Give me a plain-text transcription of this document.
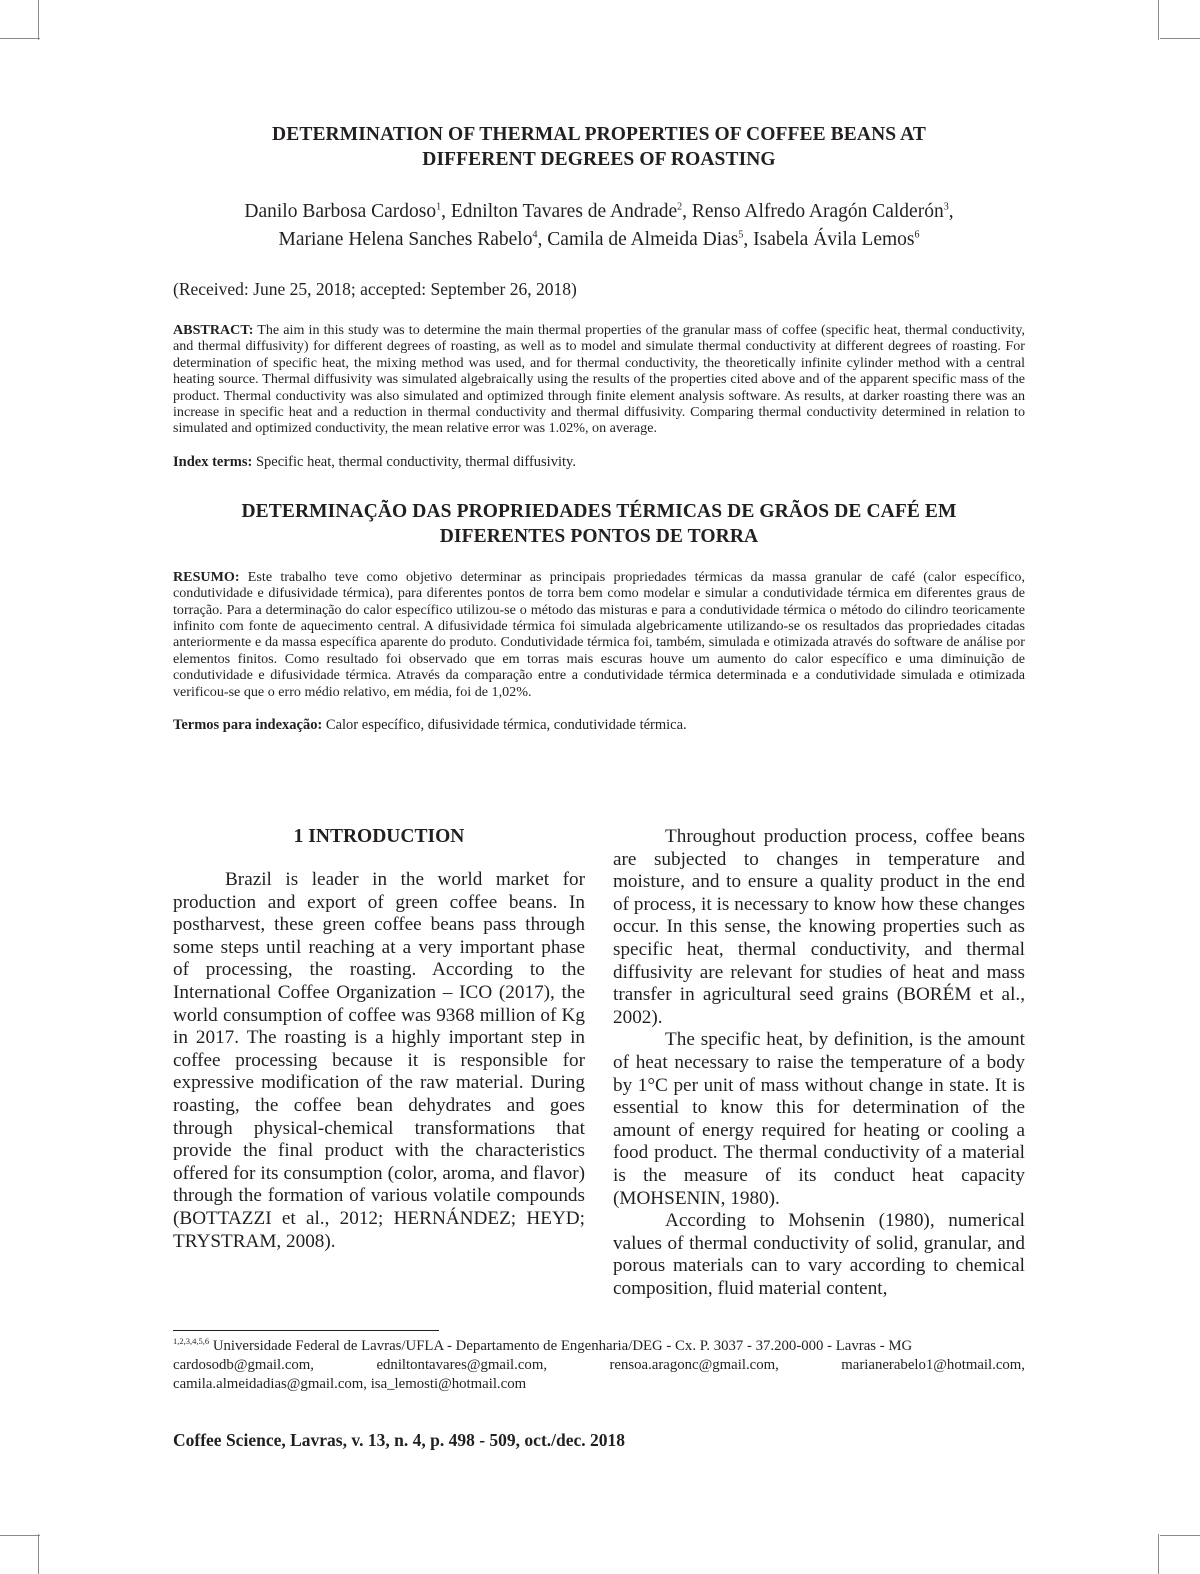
DETERMINATION OF THERMAL PROPERTIES OF COFFEE BEANS AT
DIFFERENT DEGREES OF ROASTING
Danilo Barbosa Cardoso$^1$, Ednilton Tavares de Andrade$^2$, Renso Alfredo Aragón Calderón$^3$,
Mariane Helena Sanches Rabelo$^4$, Camila de Almeida Dias$^5$, Isabela Ávila Lemos$^6$
(Received: June 25, 2018; accepted: September 26, 2018)
ABSTRACT: The aim in this study was to determine the main thermal properties of the granular mass of coffee (specific heat, thermal conductivity, and thermal diffusivity) for different degrees of roasting, as well as to model and simulate thermal conductivity at different degrees of roasting. For determination of specific heat, the mixing method was used, and for thermal conductivity, the theoretically infinite cylinder method with a central heating source. Thermal diffusivity was simulated algebraically using the results of the properties cited above and of the apparent specific mass of the product. Thermal conductivity was also simulated and optimized through finite element analysis software. As results, at darker roasting there was an increase in specific heat and a reduction in thermal conductivity and thermal diffusivity. Comparing thermal conductivity determined in relation to simulated and optimized conductivity, the mean relative error was 1.02%, on average.
Index terms: Specific heat, thermal conductivity, thermal diffusivity.
DETERMINAÇÃO DAS PROPRIEDADES TÉRMICAS DE GRÃOS DE CAFÉ EM
DIFERENTES PONTOS DE TORRA
RESUMO: Este trabalho teve como objetivo determinar as principais propriedades térmicas da massa granular de café (calor específico, condutividade e difusividade térmica), para diferentes pontos de torra bem como modelar e simular a condutividade térmica em diferentes graus de torração. Para a determinação do calor específico utilizou-se o método das misturas e para a condutividade térmica o método do cilindro teoricamente infinito com fonte de aquecimento central. A difusividade térmica foi simulada algebricamente utilizando-se os resultados das propriedades citadas anteriormente e da massa específica aparente do produto. Condutividade térmica foi, também, simulada e otimizada através do software de análise por elementos finitos. Como resultado foi observado que em torras mais escuras houve um aumento do calor específico e uma diminuição de condutividade e difusividade térmica. Através da comparação entre a condutividade térmica determinada e a condutividade simulada e otimizada verificou-se que o erro médio relativo, em média, foi de 1,02%.
Termos para indexação: Calor específico, difusividade térmica, condutividade térmica.
1 INTRODUCTION

Brazil is leader in the world market for production and export of green coffee beans. In postharvest, these green coffee beans pass through some steps until reaching at a very important phase of processing, the roasting. According to the International Coffee Organization – ICO (2017), the world consumption of coffee was 9368 million of Kg in 2017. The roasting is a highly important step in coffee processing because it is responsible for expressive modification of the raw material. During roasting, the coffee bean dehydrates and goes through physical-chemical transformations that provide the final product with the characteristics offered for its consumption (color, aroma, and flavor) through the formation of various volatile compounds (BOTTAZZI et al., 2012; HERNÁNDEZ; HEYD; TRYSTRAM, 2008).

Throughout production process, coffee beans are subjected to changes in temperature and moisture, and to ensure a quality product in the end of process, it is necessary to know how these changes occur. In this sense, the knowing properties such as specific heat, thermal conductivity, and thermal diffusivity are relevant for studies of heat and mass transfer in agricultural seed grains (BORÉM et al., 2002).

The specific heat, by definition, is the amount of heat necessary to raise the temperature of a body by 1°C per unit of mass without change in state. It is essential to know this for determination of the amount of energy required for heating or cooling a food product. The thermal conductivity of a material is the measure of its conduct heat capacity (MOHSENIN, 1980).

According to Mohsenin (1980), numerical values of thermal conductivity of solid, granular, and porous materials can to vary according to chemical composition, fluid material content,

$^{1,2,3,4,5,6}$ Universidade Federal de Lavras/UFLA - Departamento de Engenharia/DEG - Cx. P. 3037 - 37.200-000 - Lavras - MG
cardosodb@gmail.com,    edniltontavares@gmail.com,    rensoa.aragonc@gmail.com,    marianerabelo1@hotmail.com,
camila.almeidadias@gmail.com, isa_lemosti@hotmail.com
Coffee Science, Lavras, v. 13, n. 4, p. 498 - 509, oct./dec. 2018
